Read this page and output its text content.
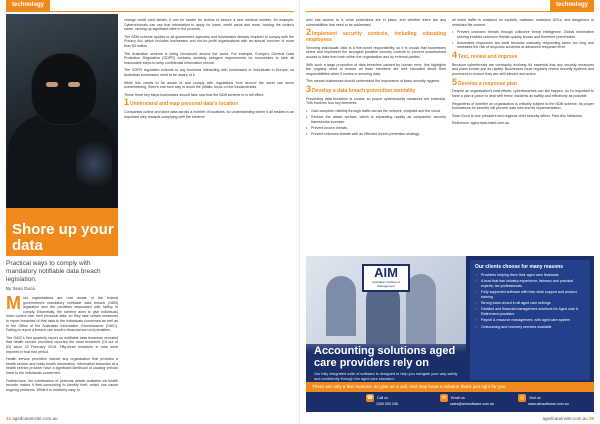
technology
Shore up your data

Practical ways to comply with mandatory notifiable data breach legislation.

By Sean Duca

Most organisations are now aware of the federal government's mandatory notifiable data breach (NDB) legislation and the penalties associated with failing to comply. Essentially, the scheme aims to give individuals more control over their personal data, so they take certain measures to report breaches of that data to the individuals concerned as well as to the Office of the Australian Information Commissioner (OAIC). Failing to report a breach can result in financial and civil penalties.

The OAIC's first quarterly report on notifiable data breaches revealed that health service providers reported the most breaches (15 out of 63) since 22 February 2018. Fifty-three breaches in total were reported in that first period.

Health service providers include any organisation that provides a health service and holds health information. Information breaches at a health service provider have a significant likelihood of causing serious harm to the individuals concerned.

Furthermore, the combination of personal details available via health records makes it time-consuming to identify theft, which can cause ongoing problems. While it is relatively easy to

change credit card details, it can be harder for victims to secure a new medical number, for example. Cybercriminals can use that information to apply for loans, credit cards and more, leaving the victim's name, racking up significant debt in the process.

The NDB scheme applies to all government agencies and businesses already required to comply with the Privacy Act, which includes businesses and not-for-profit organisations with an annual turnover of more than $3 million.

The Australian scheme is being introduced around the world. For example, Europe's General Data Protection Regulation (GDPR) contains similarly stringent requirements for businesses to take all reasonable steps to keep confidential information secure.

The GDPR regulation extends to any business interacting with businesses or individuals in Europe, so Australian businesses need to be aware of it.

While this needs to be aware of and comply with regulations from around the world can seem overwhelming, there's one sure way to avoid the pitfalls: focus on the fundamentals.

These three key steps businesses should take now that the NDB scheme is in full effect:

1Understand and map personal data's location

Companies collect and store data across a number of locations, so understanding where it all resides is an important step towards complying with the scheme.

34 agedcareinsite.com.au
technology

who has access to it, what protections are in place, and whether there are any vulnerabilities that need to be addressed.

2Implement security controls, including educating employees

Securing individuals' data is a fine-tuned responsibility, so it is crucial that businesses select and implement the strongest possible security controls to prevent unauthorised access to data from both within the organisation and by external parties.

With such a large proportion of data breaches caused by human error, this highlights the ongoing need to ensure all team members are well educated about their responsibilities when it comes to securing data.

This means businesses should understand the importance of basic security hygiene.

3Develop a data breach prevention mentality

Preventing data breaches is crucial, so proper cybersecurity measures are essential. This involves four key elements:

• Gain complete visibility through traffic across the network, endpoint and the cloud.
• Reduce the attack surface, which is expanding rapidly as companies' security frameworks increase.
• Prevent known threats.
• Prevent unknown threats with an effective threat prevention strategy.

all event traffic is analysed for exploits, malware, malicious URLs, and dangerous or restricted file content.

• Prevent unknown threats through collective threat intelligence. Global information sharing enables unknown threats quickly known and therefore preventable.
• Automated responses are ideal because manually responding takes too long and increases the risk of response schemes at advanced response level.
4Test, review and improve

Because cyberthreats are constantly evolving it's essential that any security measures and plans evolve just as rapidly. Businesses must regularly review security systems and processes to ensure they are still relevant and active.

5Develop a response plan

Despite an organisation's best efforts, cyberbreaches can still happen, so it's important to have a plan in place to deal with these incidents as swiftly and effectively as possible.

Regardless of whether an organisation is critically subject to the NDB scheme, its proper foundations for security will prevent data loss and its implementation.

Sean Duca is vice president and regional chief security officer, Palo Alto Networks.

Reference: aged-data-insite.com.au

AIM
Australian Institute of Management
Accounting solutions aged care providers rely on
Our fully integrated suite of software is designed to help you navigate your way safely and confidently through the aged care standard.
Our clients choose for many reasons
✓ Providers helping them their aged care financials
✓ A trust that has industry experience, fairness and practical experts, tax professionals
✓ Fully supported software with help desk support and product training
✓ Strong track-record in all aged care settings
✓ Detailed and financial management solutions for Aged care & Retirement providers
✓ Payroll & resource management, with aged care system
✓ Outsourcing and recovery services available
There are only a few reasons, so give us a call, AIM may have a solution that's just right for you
☎ Call us
1300 000 246
✉ Email us
sales@aimsoftware.com.au
◎ Visit us
www.aimsoftware.com.au
agedcareinsite.com.au 35
